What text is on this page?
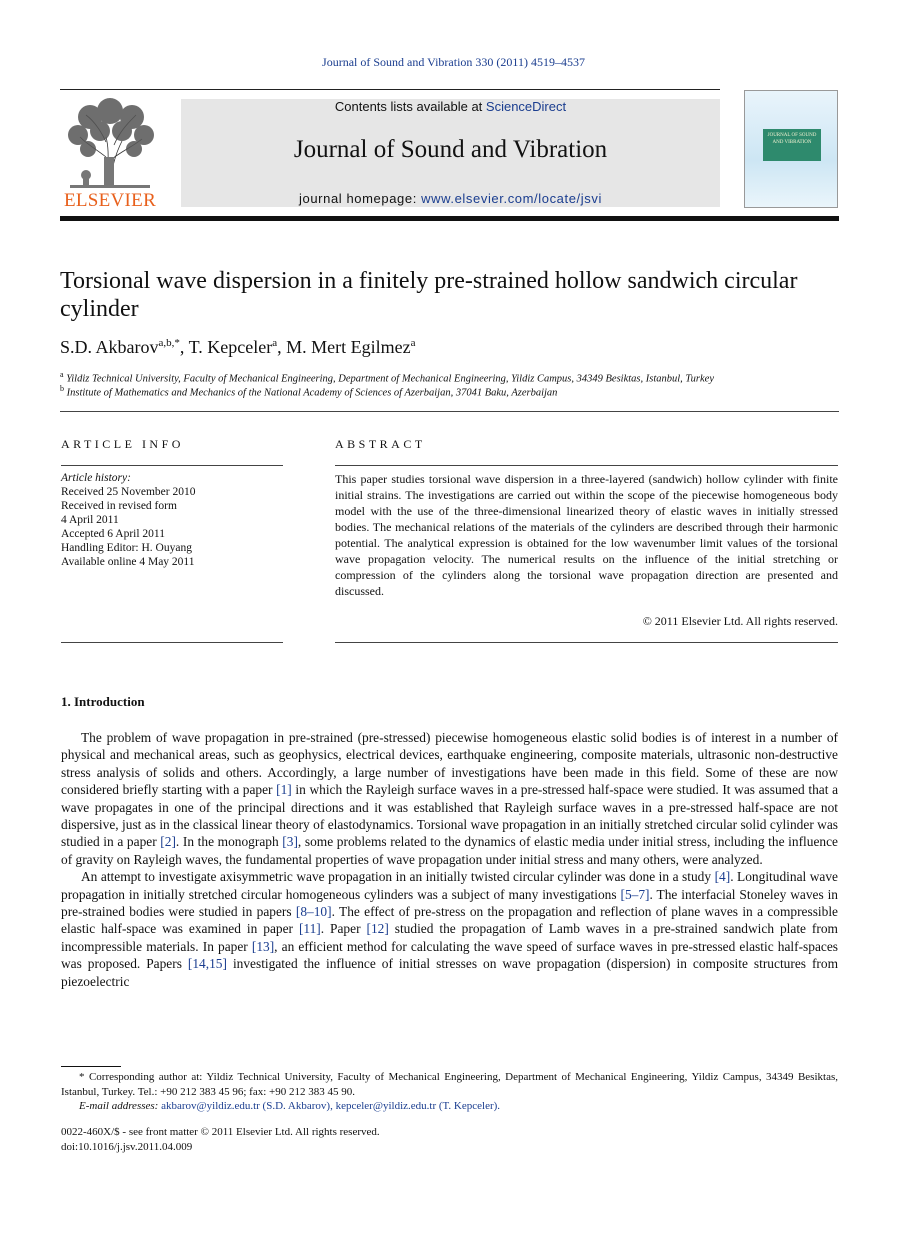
Journal of Sound and Vibration 330 (2011) 4519–4537
ELSEVIER
Contents lists available at ScienceDirect
Journal of Sound and Vibration
journal homepage: www.elsevier.com/locate/jsvi
JOURNAL OF SOUND AND VIBRATION
Torsional wave dispersion in a finitely pre-strained hollow sandwich circular cylinder
S.D. Akbarov$^{a,b,*}$, T. Kepceler$^a$, M. Mert Egilmez$^a$
$^a$ Yildiz Technical University, Faculty of Mechanical Engineering, Department of Mechanical Engineering, Yildiz Campus, 34349 Besiktas, Istanbul, Turkey
$^b$ Institute of Mathematics and Mechanics of the National Academy of Sciences of Azerbaijan, 37041 Baku, Azerbaijan
ARTICLE INFO	ABSTRACT
Article history:
Received 25 November 2010
Received in revised form
4 April 2011
Accepted 6 April 2011
Handling Editor: H. Ouyang
Available online 4 May 2011
This paper studies torsional wave dispersion in a three-layered (sandwich) hollow cylinder with finite initial strains. The investigations are carried out within the scope of the piecewise homogeneous body model with the use of the three-dimensional linearized theory of elastic waves in initially stressed bodies. The mechanical relations of the materials of the cylinders are described through their harmonic potential. The analytical expression is obtained for the low wavenumber limit values of the torsional wave propagation velocity. The numerical results on the influence of the initial stretching or compression of the cylinders along the torsional wave propagation direction are presented and discussed.
© 2011 Elsevier Ltd. All rights reserved.
1. Introduction

The problem of wave propagation in pre-strained (pre-stressed) piecewise homogeneous elastic solid bodies is of interest in a number of physical and mechanical areas, such as geophysics, electrical devices, earthquake engineering, composite materials, ultrasonic non-destructive stress analysis of solids and others. Accordingly, a large number of investigations have been made in this field. Some of these are now considered briefly starting with a paper [1] in which the Rayleigh surface waves in a pre-stressed half-space were studied. It was assumed that a wave propagates in one of the principal directions and it was established that Rayleigh surface waves in a pre-stressed half-space are not dispersive, just as in the classical linear theory of elastodynamics. Torsional wave propagation in an initially stretched circular solid cylinder was studied in a paper [2]. In the monograph [3], some problems related to the dynamics of elastic media under initial stress, including the influence of gravity on Rayleigh waves, the fundamental properties of wave propagation under initial stress and many others, were analyzed.

An attempt to investigate axisymmetric wave propagation in an initially twisted circular cylinder was done in a study [4]. Longitudinal wave propagation in initially stretched circular homogeneous cylinders was a subject of many investigations [5–7]. The interfacial Stoneley waves in pre-strained bodies were studied in papers [8–10]. The effect of pre-stress on the propagation and reflection of plane waves in a compressible elastic half-space was examined in paper [11]. Paper [12] studied the propagation of Lamb waves in a pre-strained sandwich plate from incompressible materials. In paper [13], an efficient method for calculating the wave speed of surface waves in pre-stressed elastic half-spaces was proposed. Papers [14,15] investigated the influence of initial stresses on wave propagation (dispersion) in composite structures from piezoelectric

* Corresponding author at: Yildiz Technical University, Faculty of Mechanical Engineering, Department of Mechanical Engineering, Yildiz Campus, 34349 Besiktas, Istanbul, Turkey. Tel.: +90 212 383 45 96; fax: +90 212 383 45 90.
E-mail addresses: akbarov@yildiz.edu.tr (S.D. Akbarov), kepceler@yildiz.edu.tr (T. Kepceler).
0022-460X/$ - see front matter © 2011 Elsevier Ltd. All rights reserved.
doi:10.1016/j.jsv.2011.04.009
